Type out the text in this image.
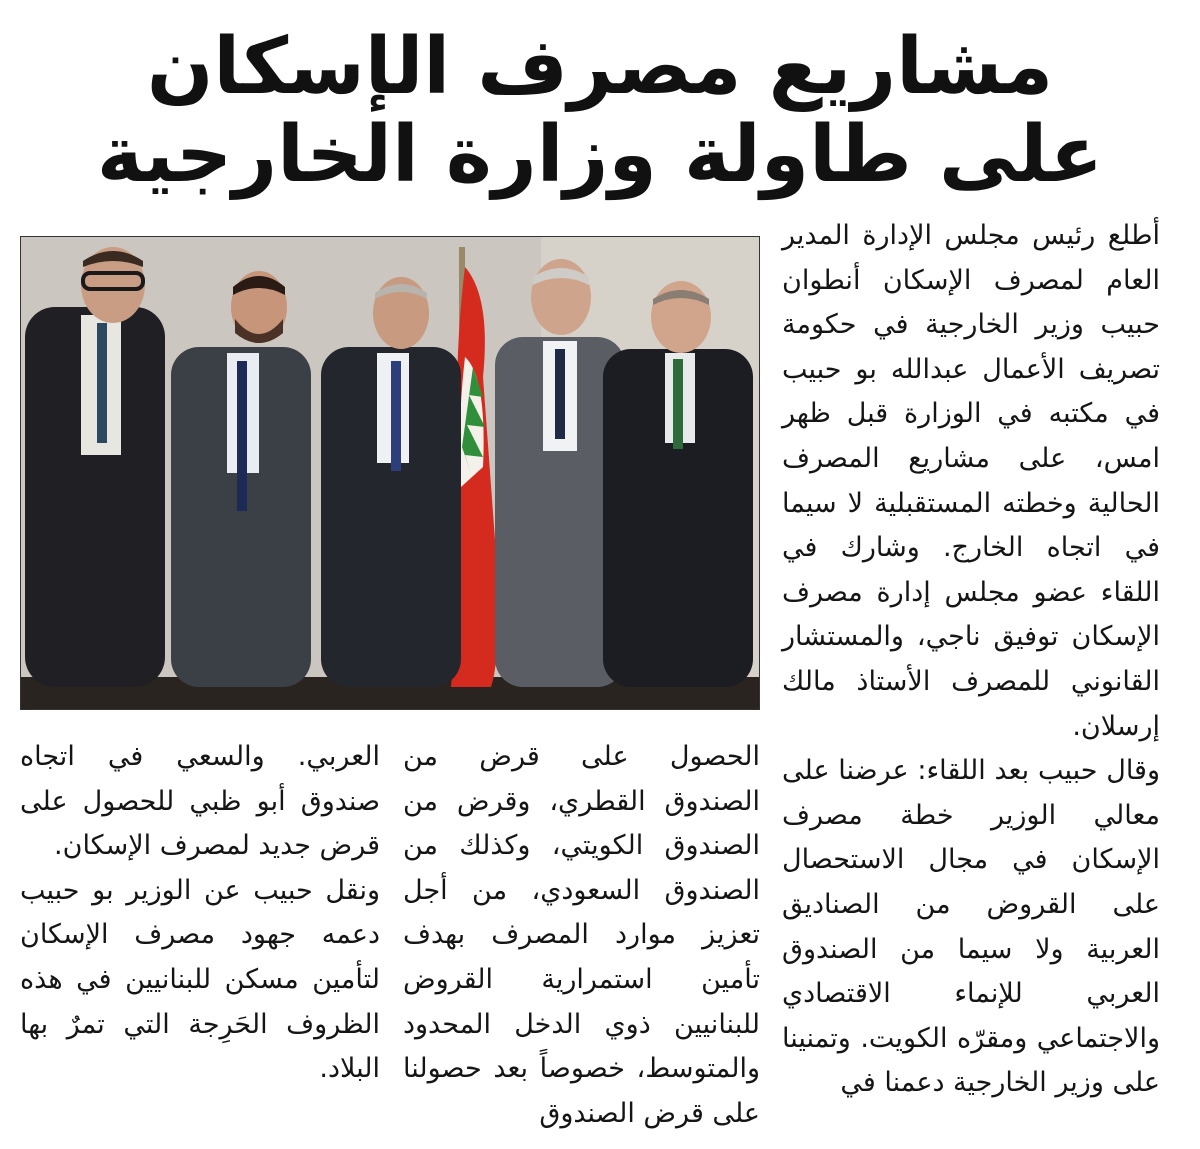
مشاريع مصرف الإسكان
على طاولة وزارة الخارجية

أطلع رئيس مجلس الإدارة المدير العام لمصرف الإسكان أنطوان حبيب وزير الخارجية في حكومة تصريف الأعمال عبدالله بو حبيب في مكتبه في الوزارة قبل ظهر امس، على مشاريع المصرف الحالية وخطته المستقبلية لا سيما في اتجاه الخارج. وشارك في اللقاء عضو مجلس إدارة مصرف الإسكان توفيق ناجي، والمستشار القانوني للمصرف الأستاذ مالك إرسلان.

وقال حبيب بعد اللقاء: عرضنا على معالي الوزير خطة مصرف الإسكان في مجال الاستحصال على القروض من الصناديق العربية ولا سيما من الصندوق العربي للإنماء الاقتصادي والاجتماعي ومقرّه الكويت. وتمنينا على وزير الخارجية دعمنا في

الحصول على قرض من الصندوق القطري، وقرض من الصندوق الكويتي، وكذلك من الصندوق السعودي، من أجل تعزيز موارد المصرف بهدف تأمين استمرارية القروض للبنانيين ذوي الدخل المحدود والمتوسط، خصوصاً بعد حصولنا على قرض الصندوق

العربي. والسعي في اتجاه صندوق أبو ظبي للحصول على قرض جديد لمصرف الإسكان.

ونقل حبيب عن الوزير بو حبيب دعمه جهود مصرف الإسكان لتأمين مسكن للبنانيين في هذه الظروف الحَرِجة التي تمرٌ بها البلاد.
